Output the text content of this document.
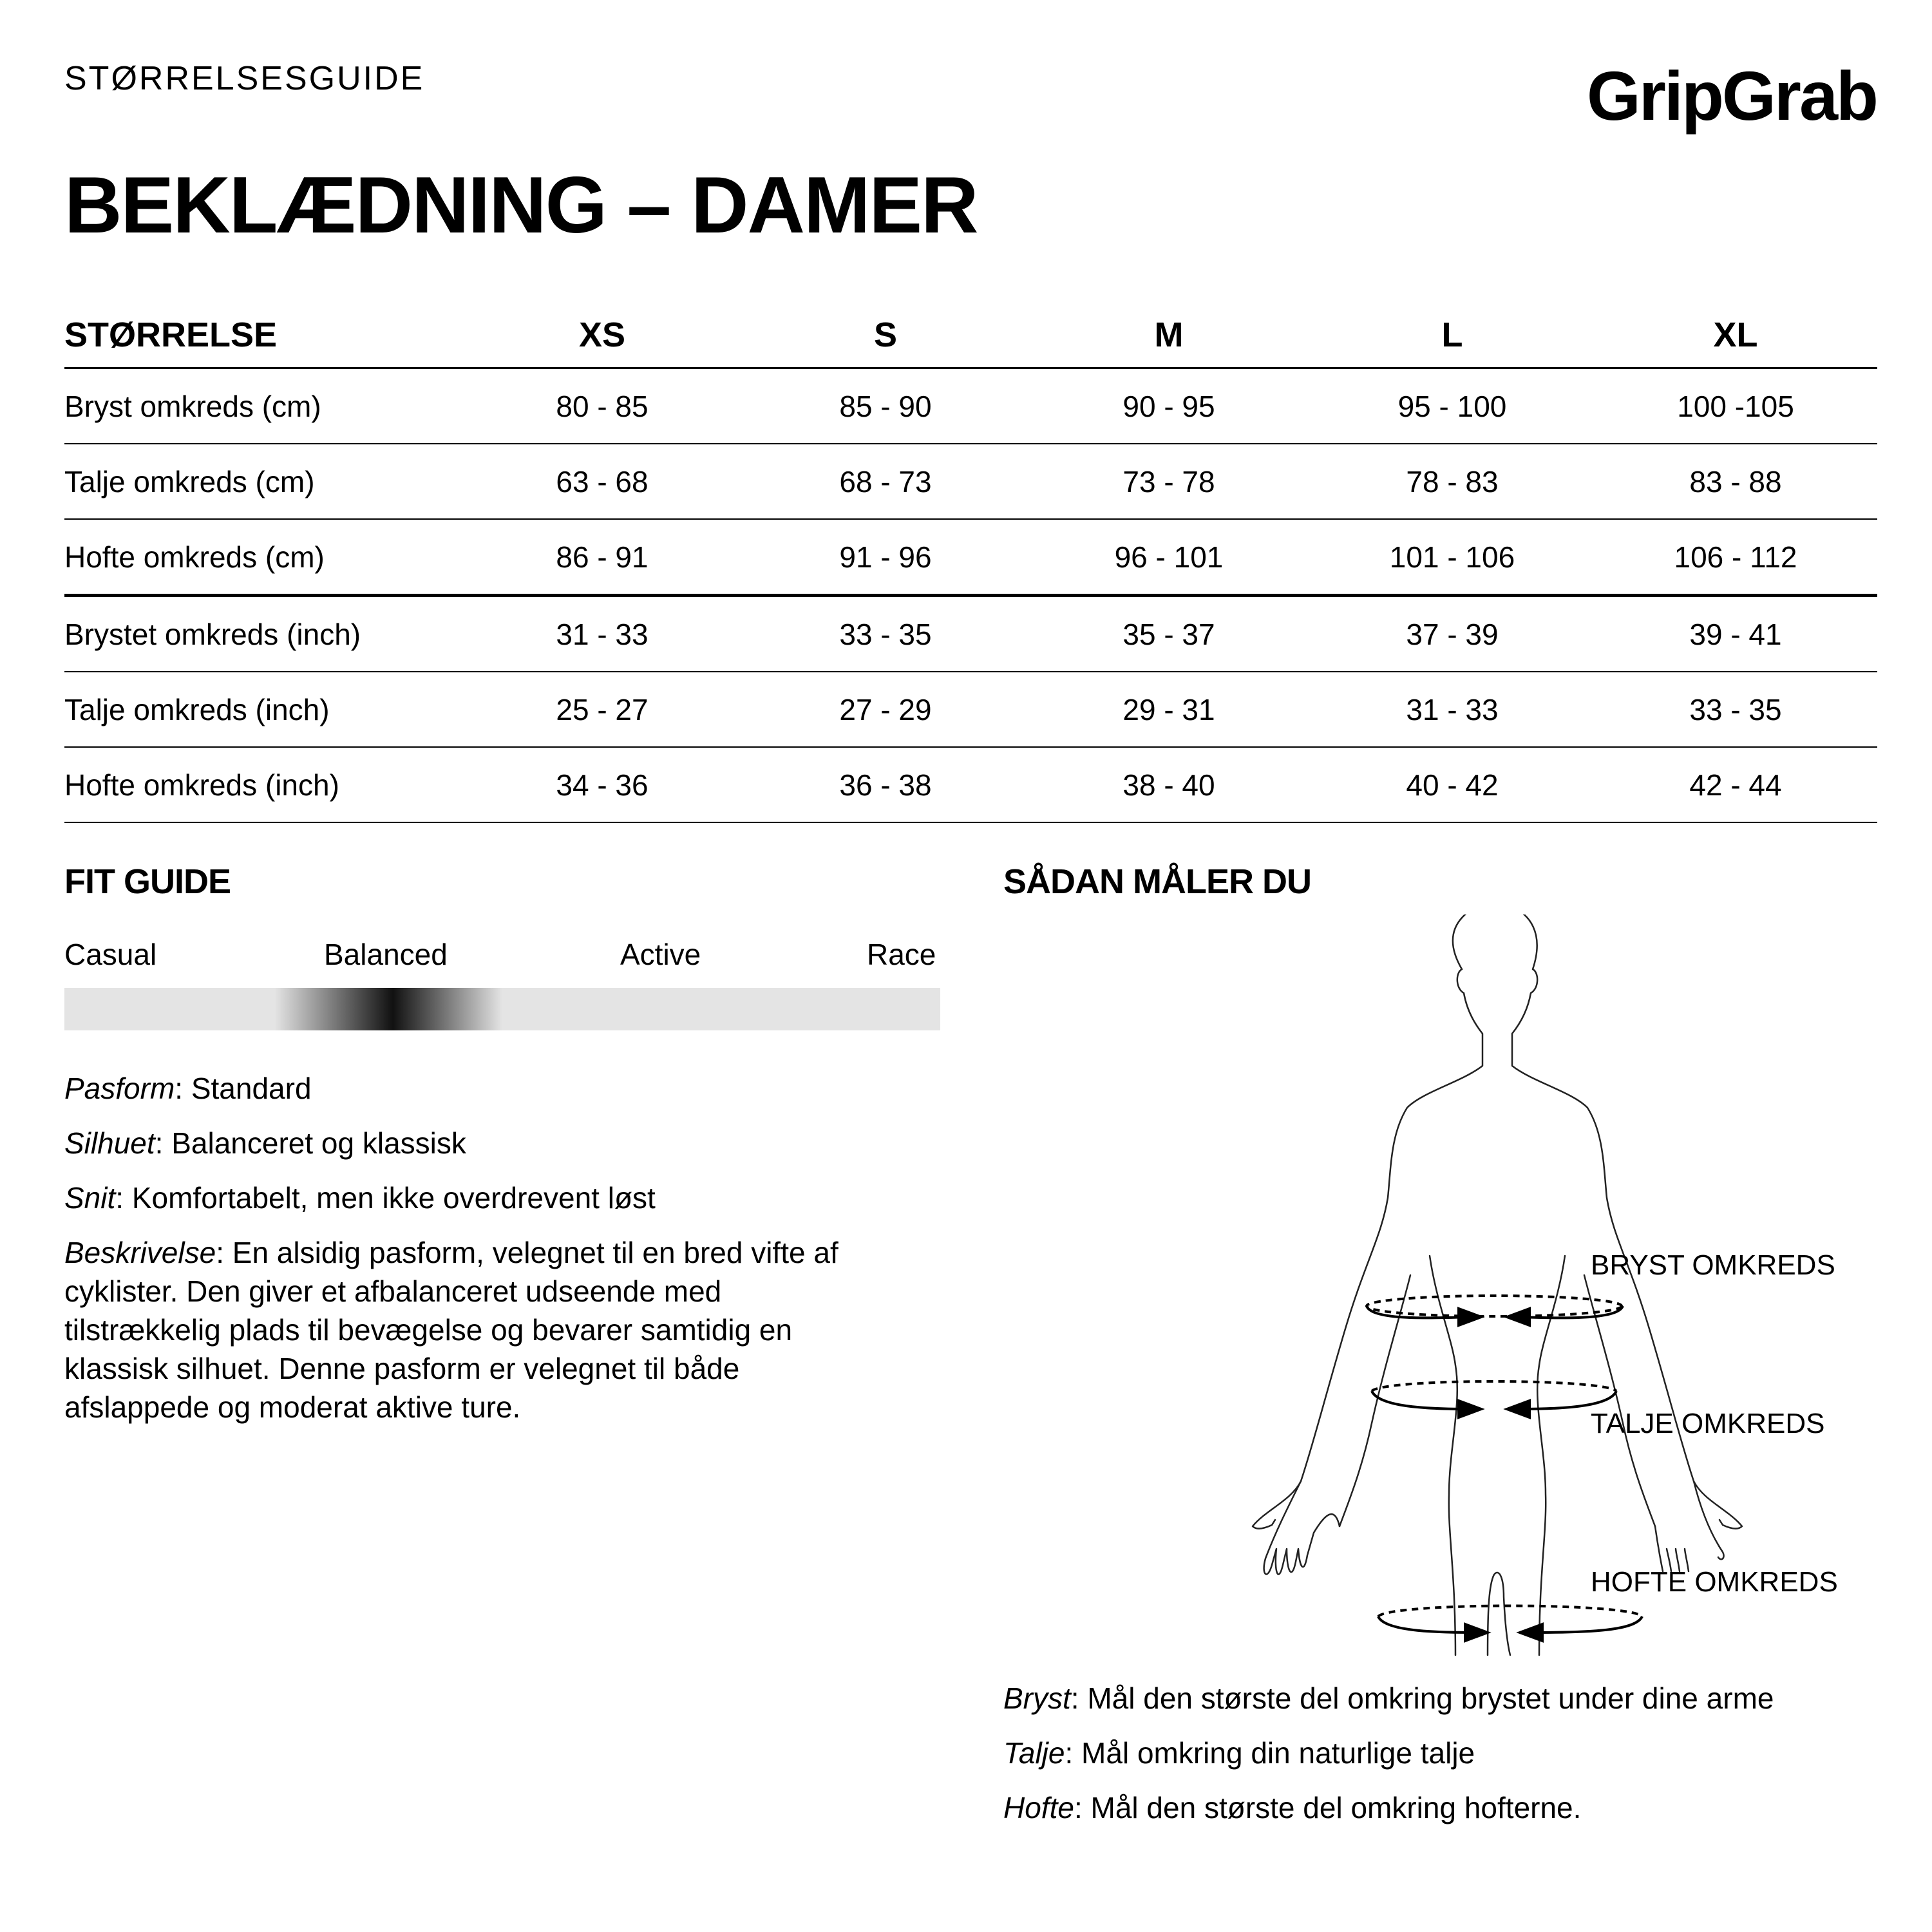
STØRRELSESGUIDE	GripGrab
BEKLÆDNING – DAMER
STØRRELSE	XS	S	M	L	XL
Bryst omkreds (cm)	80 - 85	85 - 90	90 - 95	95 - 100	100 -105
Talje omkreds (cm)	63 - 68	68 - 73	73 - 78	78 - 83	83 - 88
Hofte omkreds (cm)	86 - 91	91 - 96	96 - 101	101 - 106	106 - 112
Brystet omkreds (inch)	31 - 33	33 - 35	35 - 37	37 - 39	39 - 41
Talje omkreds (inch)	25 - 27	27 - 29	29 - 31	31 - 33	33 - 35
Hofte omkreds (inch)	34 - 36	36 - 38	38 - 40	40 - 42	42 - 44
FIT GUIDE
Casual	Balanced	Active	Race
Pasform: Standard
Silhuet: Balanceret og klassisk
Snit: Komfortabelt, men ikke overdrevent løst
Beskrivelse: En alsidig pasform, velegnet til en bred vifte af cyklister. Den giver et afbalanceret udseende med tilstrækkelig plads til bevægelse og bevarer samtidig en klassisk silhuet. Denne pasform er velegnet til både afslappede og moderat aktive ture.
SÅDAN MÅLER DU
BRYST OMKREDS
TALJE OMKREDS
HOFTE OMKREDS
Bryst: Mål den største del omkring brystet under dine arme
Talje: Mål omkring din naturlige talje
Hofte: Mål den største del omkring hofterne.
